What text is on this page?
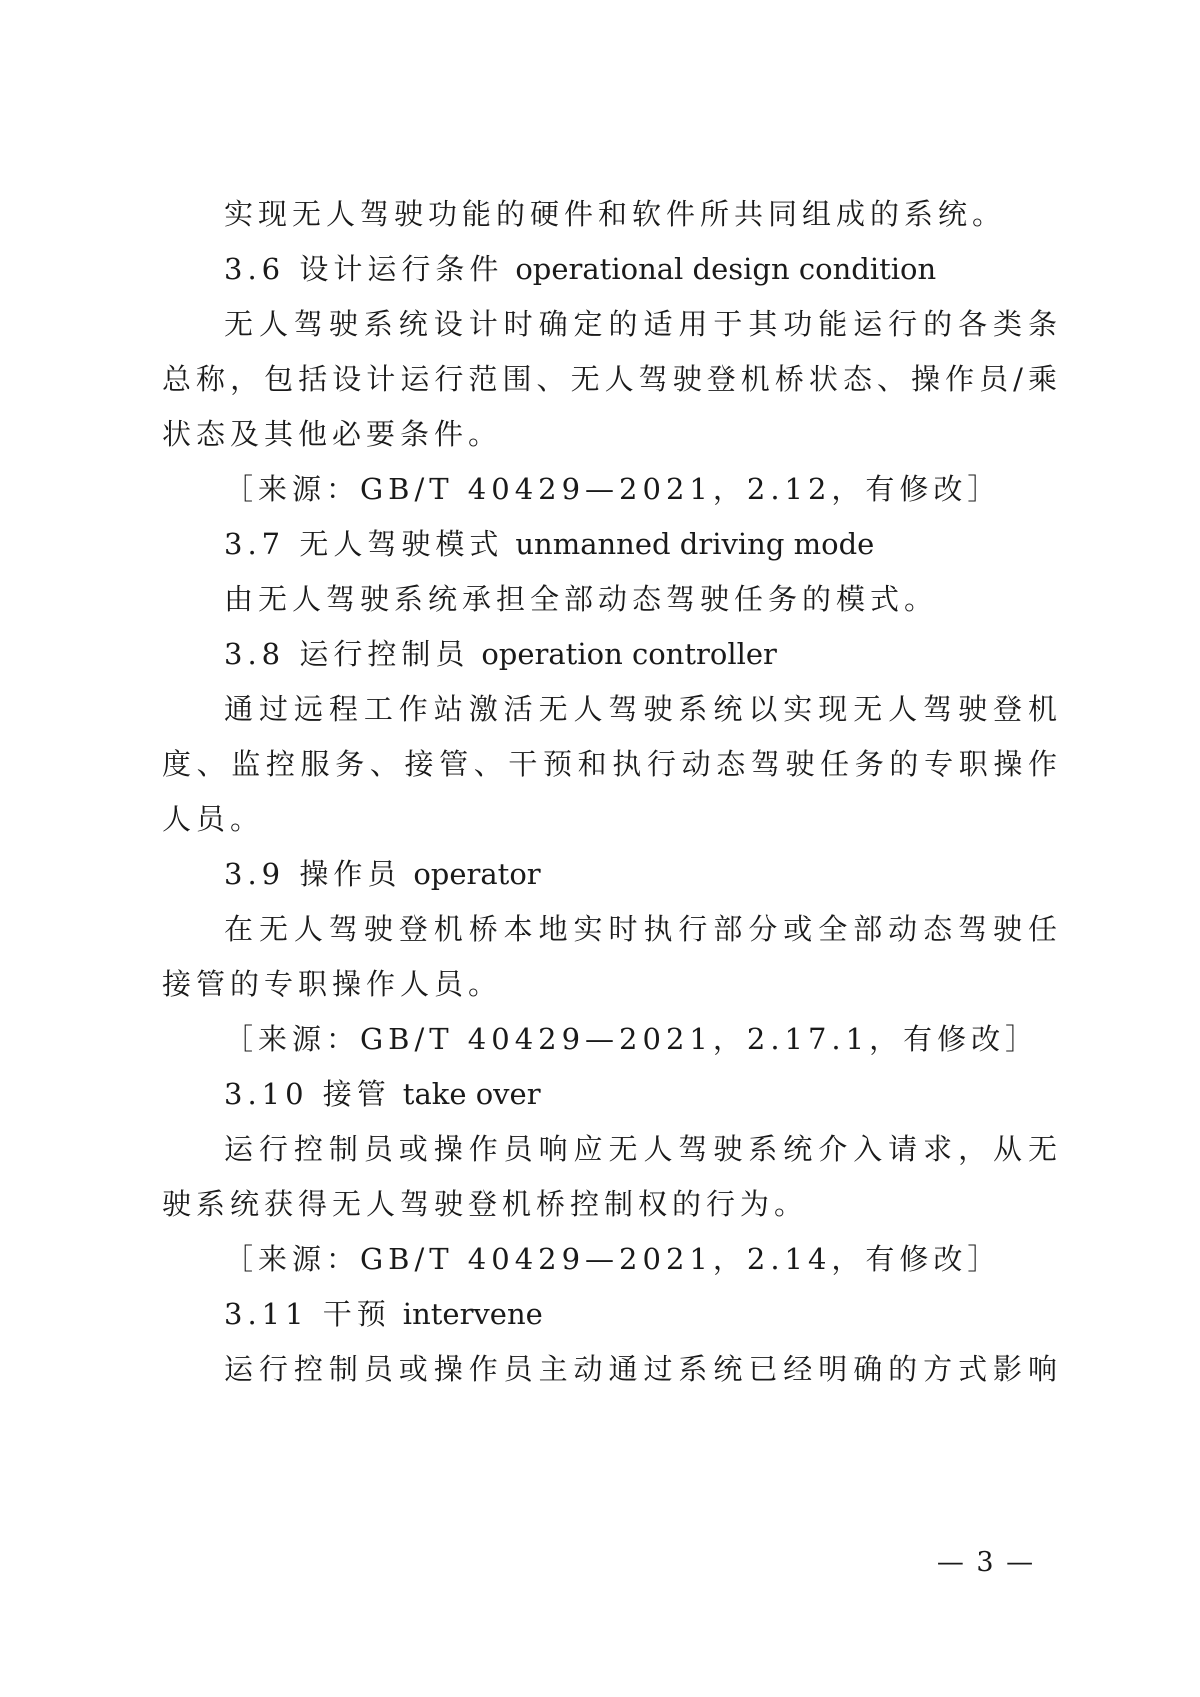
实现无人驾驶功能的硬件和软件所共同组成的系统。
3.6 设计运行条件 operational design condition
无人驾驶系统设计时确定的适用于其功能运行的各类条
总称，包括设计运行范围、无人驾驶登机桥状态、操作员/乘
状态及其他必要条件。
［来源：GB/T 40429—2021，2.12，有修改］
3.7 无人驾驶模式 unmanned driving mode
由无人驾驶系统承担全部动态驾驶任务的模式。
3.8 运行控制员 operation controller
通过远程工作站激活无人驾驶系统以实现无人驾驶登机
度、监控服务、接管、干预和执行动态驾驶任务的专职操作
人员。
3.9 操作员 operator
在无人驾驶登机桥本地实时执行部分或全部动态驾驶任
接管的专职操作人员。
［来源：GB/T 40429—2021，2.17.1，有修改］
3.10 接管 take over
运行控制员或操作员响应无人驾驶系统介入请求，从无
驶系统获得无人驾驶登机桥控制权的行为。
［来源：GB/T 40429—2021，2.14，有修改］
3.11 干预 intervene
运行控制员或操作员主动通过系统已经明确的方式影响
— 3 —
